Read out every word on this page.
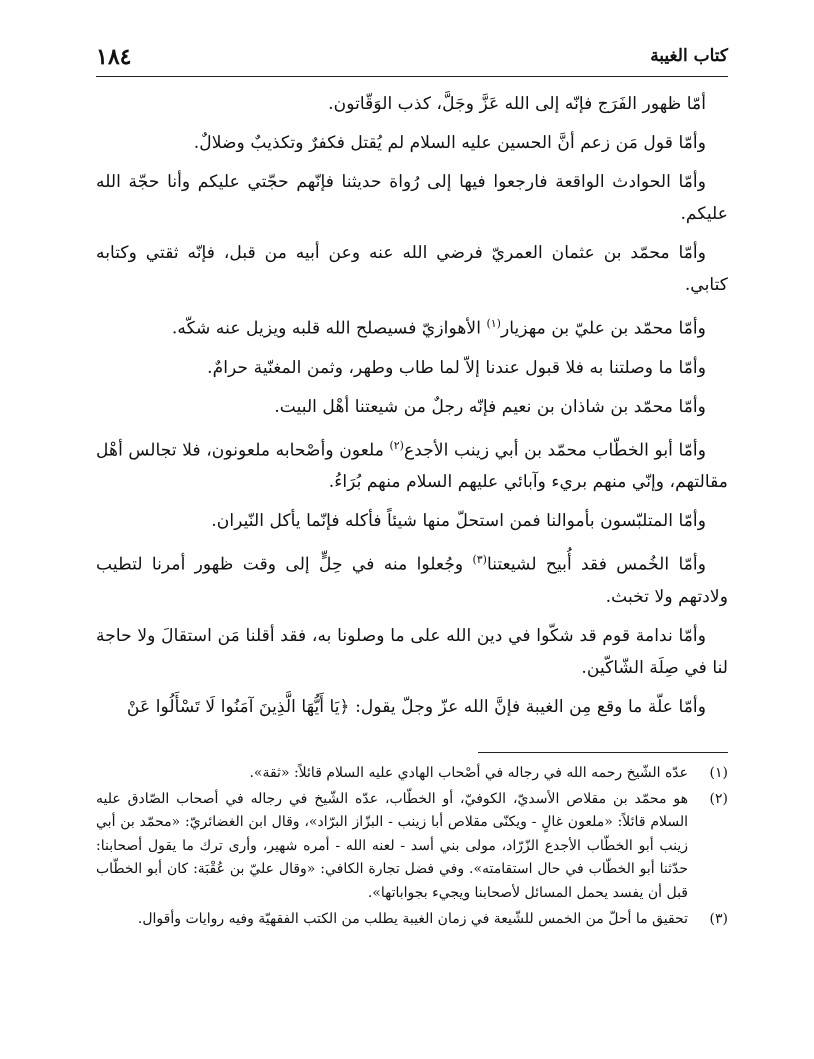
١٨٤	كتاب الغيبة

أمّا ظهور الفَرَج فإنّه إلى الله عَزَّ وجَلَّ، كذب الوَقّاتون.

وأمّا قول مَن زعم أنَّ الحسين عليه السلام لم يُقتل فكفرٌ وتكذيبٌ وضلالٌ.

وأمّا الحوادث الواقعة فارجعوا فيها إلى رُواة حديثنا فإنّهم حجّتي عليكم وأنا حجّة الله عليكم.

وأمّا محمّد بن عثمان العمريّ فرضي الله عنه وعن أبيه من قبل، فإنّه ثقتي وكتابه كتابي.

وأمّا محمّد بن عليّ بن مهزيار$^{(١)}$ الأهوازيّ فسيصلح الله قلبه ويزيل عنه شكّه.

وأمّا ما وصلتنا به فلا قبول عندنا إلاّ لما طاب وطهر، وثمن المغنّية حرامٌ.

وأمّا محمّد بن شاذان بن نعيم فإنّه رجلٌ من شيعتنا أهْل البيت.

وأمّا أبو الخطّاب محمّد بن أبي زينب الأجدع$^{(٢)}$ ملعون وأصْحابه ملعونون، فلا تجالس أهْل مقالتهم، وإنّي منهم بريء وآبائي عليهم السلام منهم بُرَاءُ.

وأمّا المتلبّسون بأموالنا فمن استحلّ منها شيئاً فأكله فإنّما يأكل النّيران.

وأمّا الخُمس فقد أُبيح لشيعتنا$^{(٣)}$ وجُعلوا منه في حِلٍّ إلى وقت ظهور أمرنا لتطيب ولادتهم ولا تخبث.

وأمّا ندامة قوم قد شكّوا في دين الله على ما وصلونا به، فقد أقلنا مَن استقالَ ولا حاجة لنا في صِلَة الشّاكّين.

وأمّا علّة ما وقع مِن الغيبة فإنَّ الله عزّ وجلّ يقول: ﴿يَا أَيُّهَا الَّذِينَ آمَنُوا لَا تَسْأَلُوا عَنْ

(١)
عدّه الشّيخ رحمه الله في رجاله في أصْحاب الهادي عليه السلام قائلاً: «ثقة».

(٢)
هو محمّد بن مقلاص الأسديّ، الكوفيّ، أو الخطّاب، عدّه الشّيخ في رجاله في أصحاب الصّادق عليه السلام قائلاً: «ملعون غالٍ - ويكنّى مقلاص أبا زينب - البزّاز البرّاد»، وقال ابن الغضائريّ: «محمّد بن أبي زينب أبو الخطّاب الأجدع الزّرّاد، مولى بني أسد - لعنه الله - أمره شهير، وأرى ترك ما يقول أصحابنا: حدّثنا أبو الخطّاب في حال استقامته». وفي فضل تجارة الكافي: «وقال عليّ بن عُقْبَة: كان أبو الخطّاب قبل أن يفسد يحمل المسائل لأصحابنا ويجيء بجواباتها».

(٣)
تحقيق ما أحلّ من الخمس للشّيعة في زمان الغيبة يطلب من الكتب الفقهيّة وفيه روايات وأقوال.
